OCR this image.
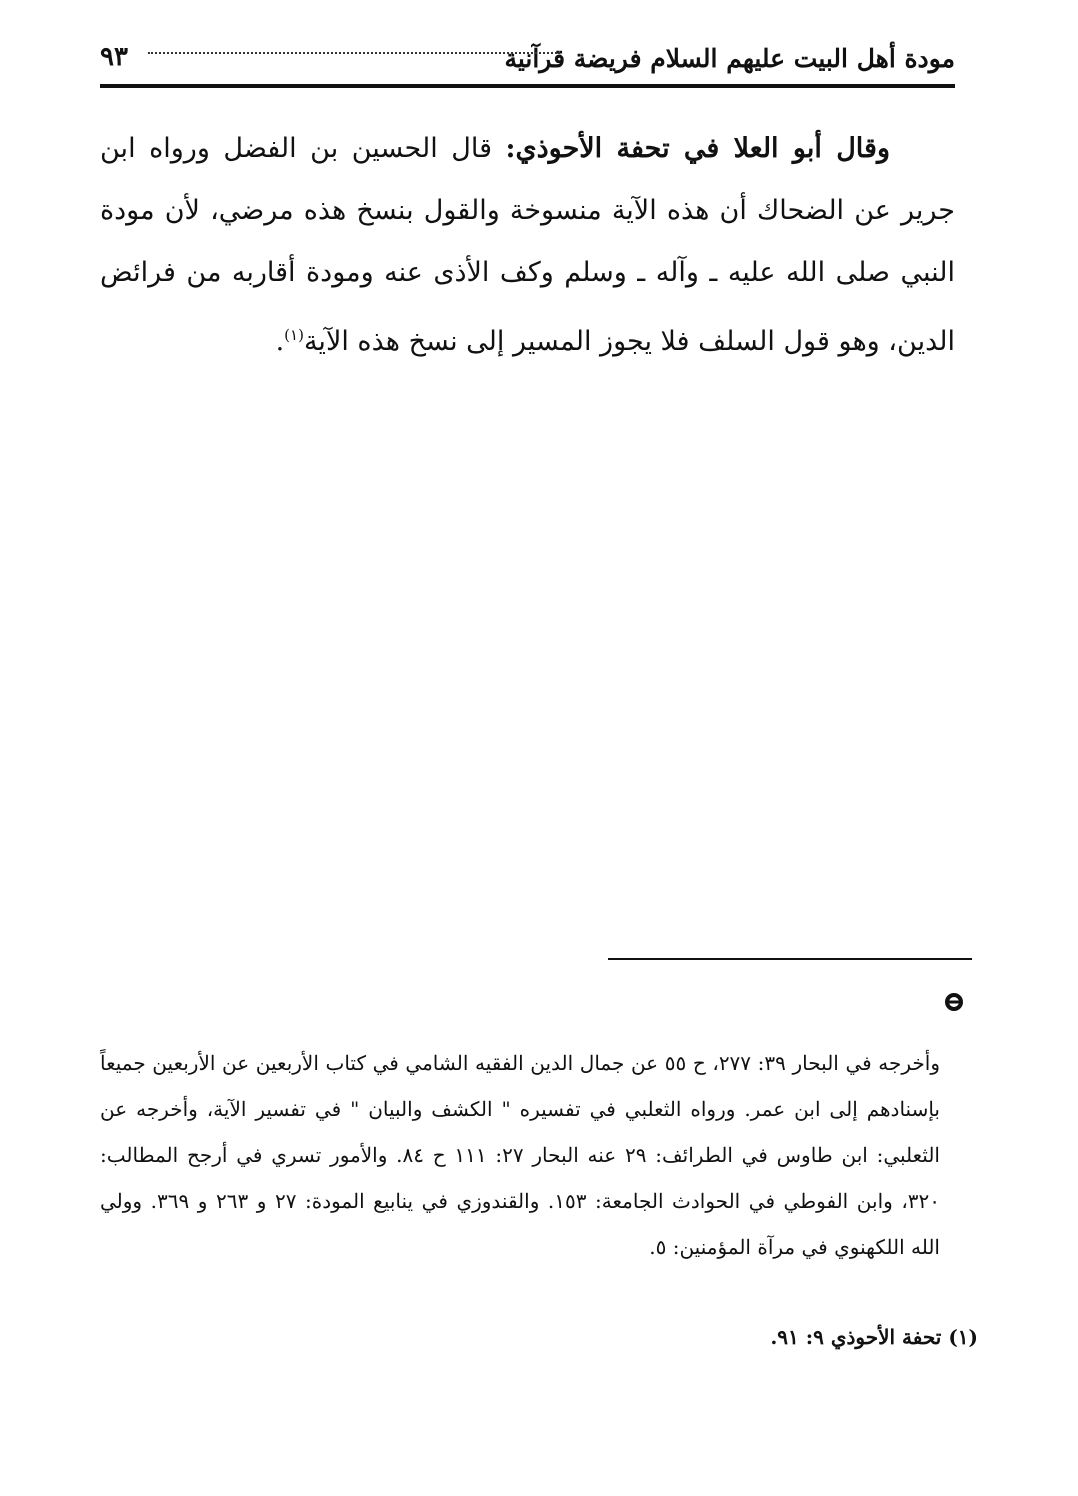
مودة أهل البيت عليهم السلام فريضة قرآنية
٩٣

وقال أبو العلا في تحفة الأحوذي: قال الحسين بن الفضل ورواه ابن جرير عن الضحاك أن هذه الآية منسوخة والقول بنسخ هذه مرضي، لأن مودة النبي صلى الله عليه ـ وآله ـ وسلم وكف الأذى عنه ومودة أقاربه من فرائض الدين، وهو قول السلف فلا يجوز المسير إلى نسخ هذه الآية$^{(١)}$.

وأخرجه في البحار ٣٩: ٢٧٧، ح ٥٥ عن جمال الدين الفقيه الشامي في كتاب الأربعين عن الأربعين جميعاً بإسنادهم إلى ابن عمر. ورواه الثعلبي في تفسيره " الكشف والبيان " في تفسير الآية، وأخرجه عن الثعلبي: ابن طاوس في الطرائف: ٢٩ عنه البحار ٢٧: ١١١ ح ٨٤. والأمور تسري في أرجح المطالب: ٣٢٠، وابن الفوطي في الحوادث الجامعة: ١٥٣. والقندوزي في ينابيع المودة: ٢٧ و ٢٦٣ و ٣٦٩. وولي الله اللكهنوي في مرآة المؤمنين: ٥.

(١) تحفة الأحوذي ٩: ٩١.
